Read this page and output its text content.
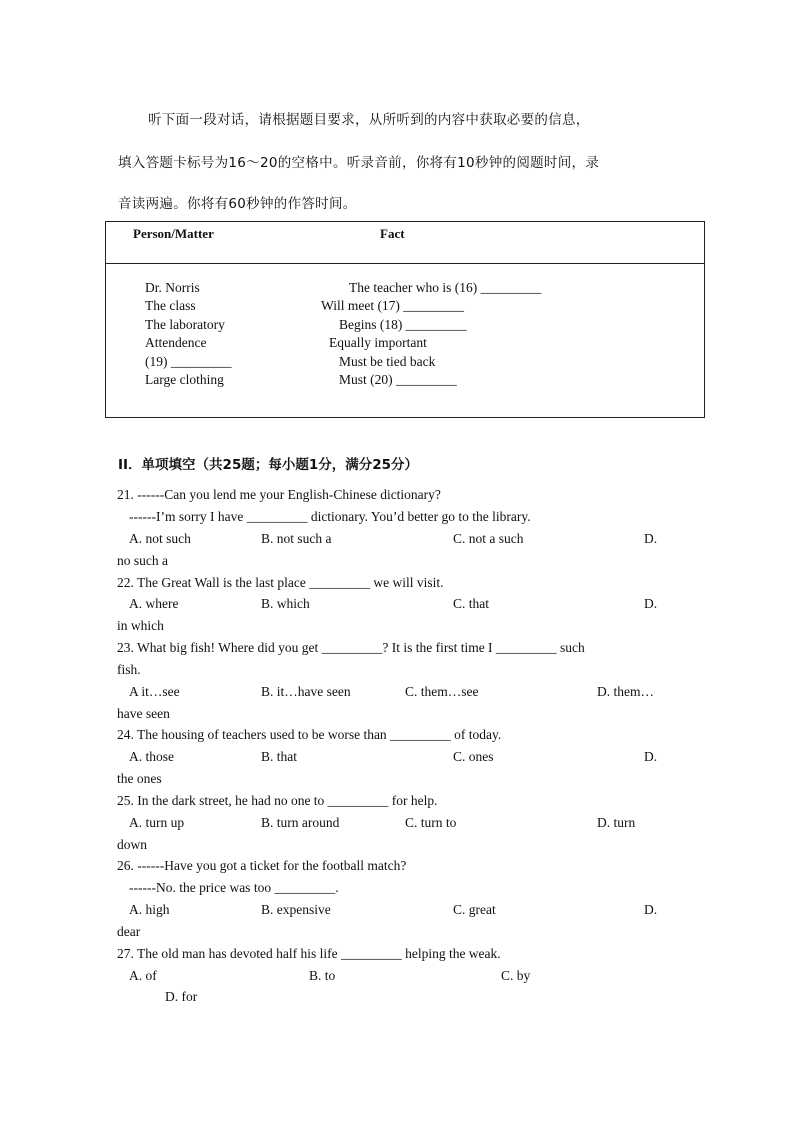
听下面一段对话，请根据题目要求，从所听到的内容中获取必要的信息，
填入答题卡标号为16～20的空格中。听录音前，你将有10秒钟的阅题时间，录
音读两遍。你将有60秒钟的作答时间。
Person/Matter	Fact
Dr. Norris	The teacher who is (16) _________
The class	Will meet (17) _________
The laboratory	Begins (18) _________
Attendence	Equally important
(19) _________	Must be tied back
Large clothing	Must (20) _________
II．单项填空（共25题；每小题1分，满分25分）
21. ------Can you lend me your English-Chinese dictionary?
------I’m sorry I have _________ dictionary. You’d better go to the library.
A. not such	B. not such a	C. not a such	D.
no such a
22. The Great Wall is the last place _________ we will visit.
A. where	B. which	C. that	D.
in which
23. What big fish! Where did you get _________? It is the first time I _________ such
fish.
A it…see	B. it…have seen	C. them…see	D. them…
have seen
24. The housing of teachers used to be worse than _________ of today.
A. those	B. that	C. ones	D.
the ones
25. In the dark street, he had no one to _________ for help.
A. turn up	B. turn around	C. turn to	D. turn
down
26. ------Have you got a ticket for the football match?
------No. the price was too _________.
A. high	B. expensive	C. great	D.
dear
27. The old man has devoted half his life _________ helping the weak.
A. of	B. to	C. by
D. for
